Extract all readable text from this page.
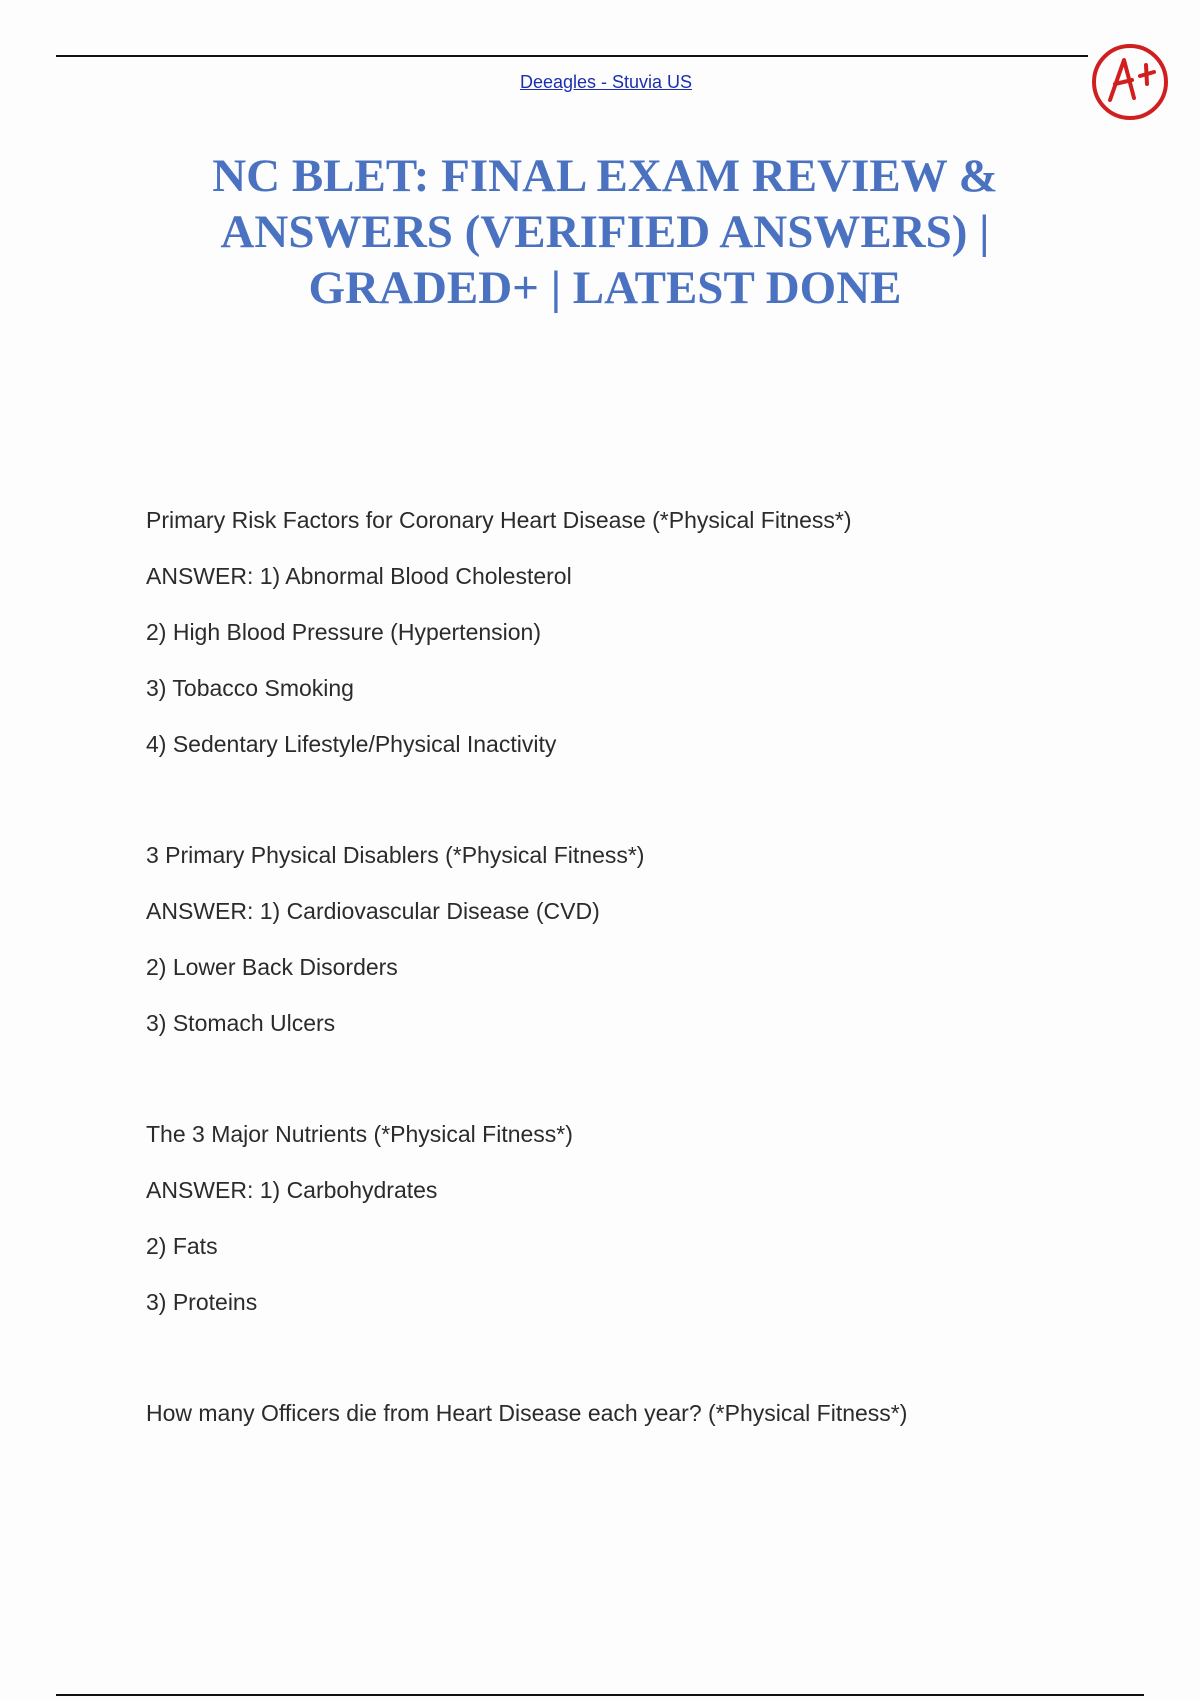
Deeagles - Stuvia US
NC BLET: FINAL EXAM REVIEW &
ANSWERS (VERIFIED ANSWERS) |
GRADED+ | LATEST DONE
Primary Risk Factors for Coronary Heart Disease (*Physical Fitness*)
ANSWER: 1) Abnormal Blood Cholesterol
2) High Blood Pressure (Hypertension)
3) Tobacco Smoking
4) Sedentary Lifestyle/Physical Inactivity
3 Primary Physical Disablers (*Physical Fitness*)
ANSWER: 1) Cardiovascular Disease (CVD)
2) Lower Back Disorders
3) Stomach Ulcers
The 3 Major Nutrients (*Physical Fitness*)
ANSWER: 1) Carbohydrates
2) Fats
3) Proteins
How many Officers die from Heart Disease each year? (*Physical Fitness*)
